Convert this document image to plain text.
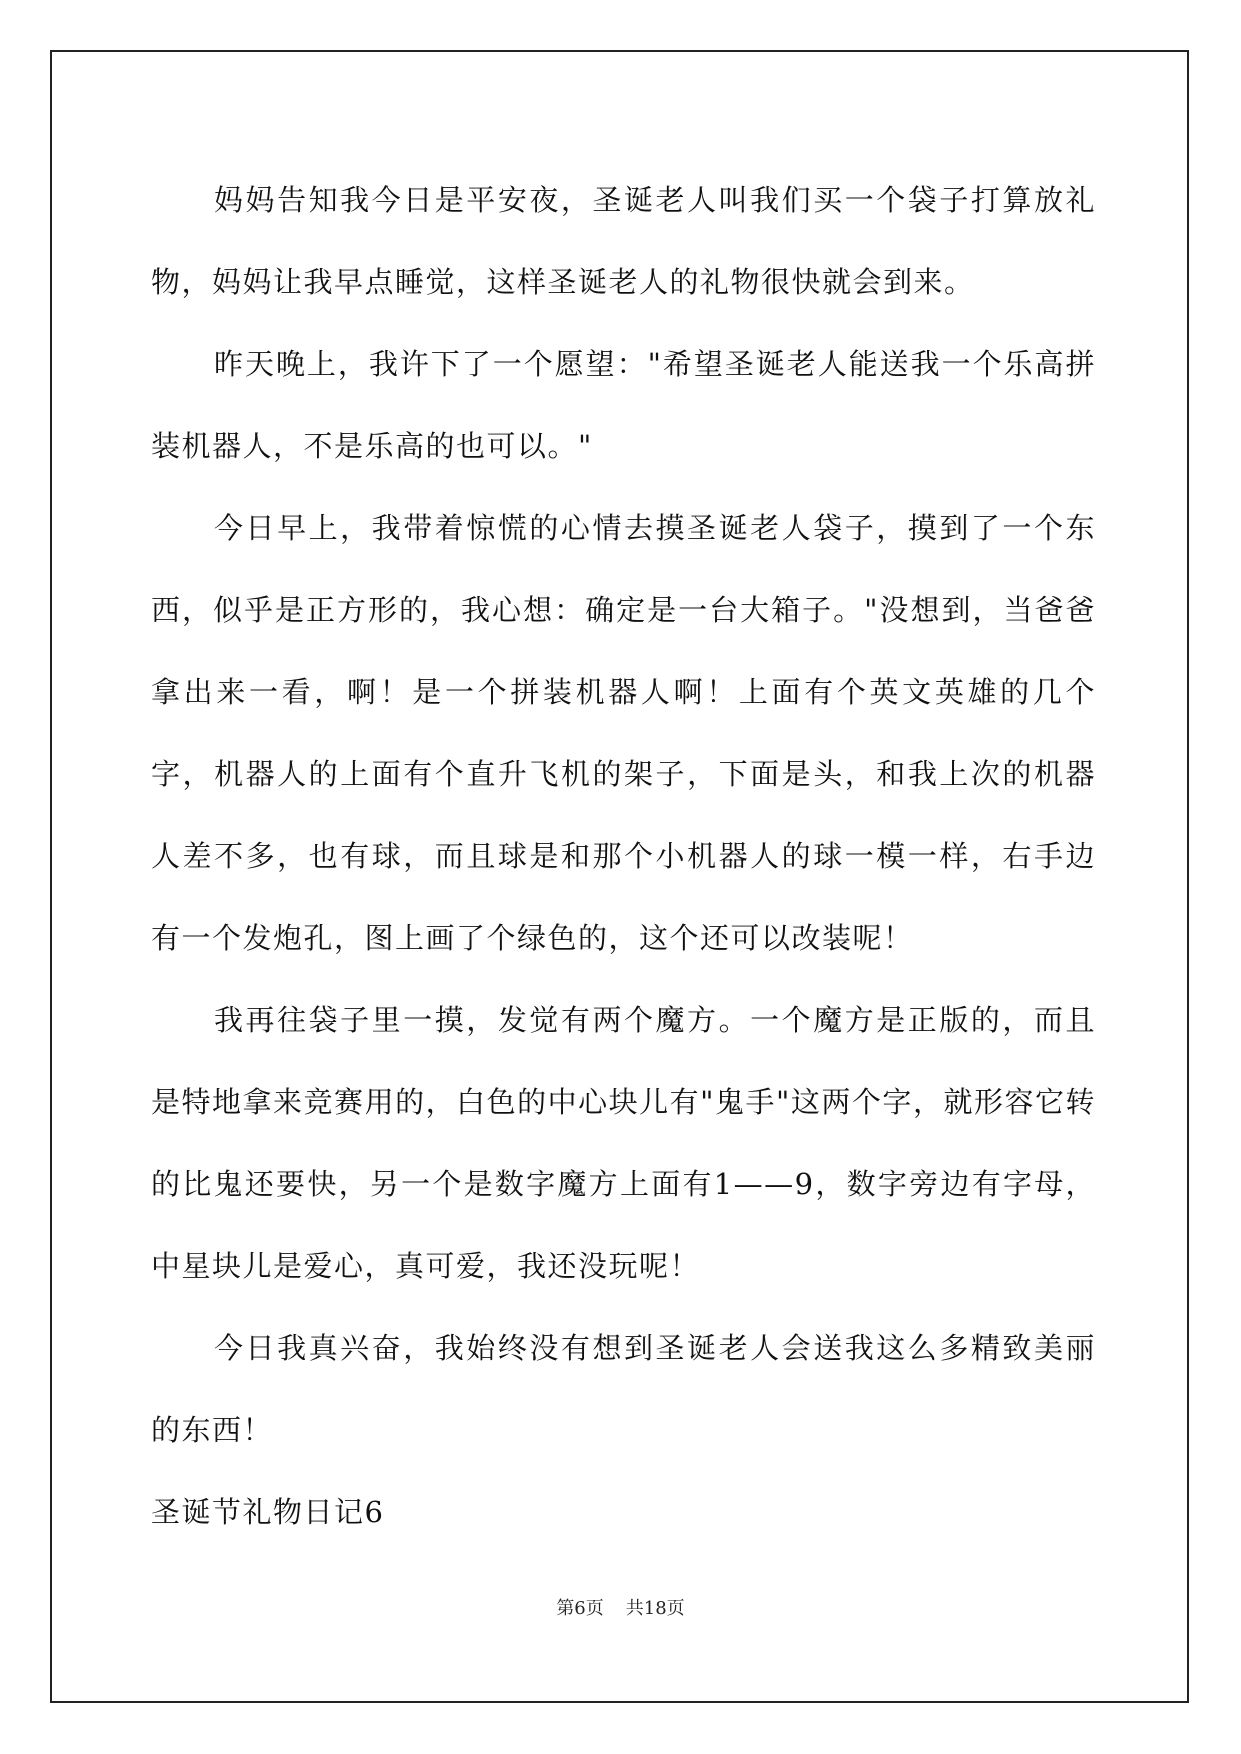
妈妈告知我今日是平安夜，圣诞老人叫我们买一个袋子打算放礼物，妈妈让我早点睡觉，这样圣诞老人的礼物很快就会到来。

昨天晚上，我许下了一个愿望："希望圣诞老人能送我一个乐高拼装机器人，不是乐高的也可以。"

今日早上，我带着惊慌的心情去摸圣诞老人袋子，摸到了一个东西，似乎是正方形的，我心想：确定是一台大箱子。"没想到，当爸爸拿出来一看，啊！是一个拼装机器人啊！上面有个英文英雄的几个字，机器人的上面有个直升飞机的架子，下面是头，和我上次的机器人差不多，也有球，而且球是和那个小机器人的球一模一样，右手边有一个发炮孔，图上画了个绿色的，这个还可以改装呢！

我再往袋子里一摸，发觉有两个魔方。一个魔方是正版的，而且是特地拿来竞赛用的，白色的中心块儿有"鬼手"这两个字，就形容它转的比鬼还要快，另一个是数字魔方上面有1——9，数字旁边有字母，中星块儿是爱心，真可爱，我还没玩呢！

今日我真兴奋，我始终没有想到圣诞老人会送我这么多精致美丽的东西！

圣诞节礼物日记6

第6页 共18页
